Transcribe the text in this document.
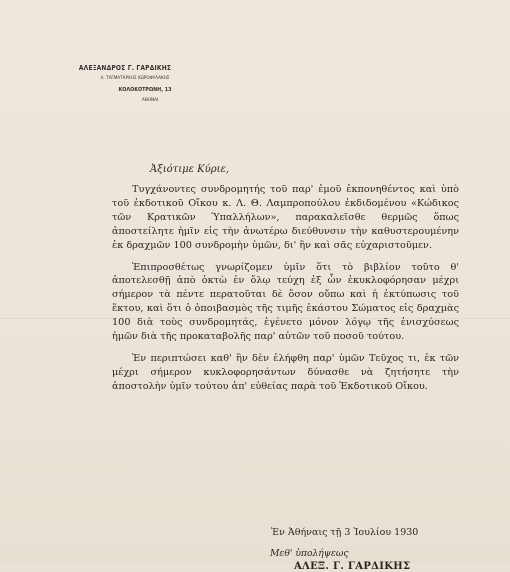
ΑΛΕΞΑΝΔΡΟΣ Γ. ΓΑΡΔΙΚΗΣ
Λ. ΤΑΓΜΑΤΑΡΧΗΣ ΧΩΡΟΦΥΛΑΚΗΣ
ΚΟΛΟΚΟΤΡΩΝΗ, 13
ΑΘΗΝΑΙ
Ἀξιότιμε Κύριε,

Τυγχάνοντες συνδρομητής τοῦ παρ' ἐμοῦ ἐκπονηθέντος καὶ ὑπὸ τοῦ ἐκδοτικοῦ Οἴκου κ. Λ. Θ. Λαμπροπούλου ἐκδιδομένου «Κώδικος τῶν Κρατικῶν Ὑπαλλήλων», παρακαλεῖσθε θερμῶς ὅπως ἀποστείλητε ἡμῖν εἰς τὴν ἀνωτέρω διεύθυνσιν τὴν καθυστερουμένην ἐκ δραχμῶν 100 συνδρομὴν ὑμῶν, δι' ἣν καὶ σᾶς εὐχαριστοῦμεν.

Ἐπιπροσθέτως γνωρίζομεν ὑμῖν ὅτι τὸ βιβλίον τοῦτο θ' ἀποτελεσθῇ ἀπὸ ὀκτὼ ἐν ὅλῳ τεύχη ἐξ ὧν ἐκυκλοφόρησαν μέχρι σήμερον τὰ πέντε περατοῦται δὲ ὅσον οὔπω καὶ ἡ ἐκτύπωσις τοῦ ἕκτου, καὶ ὅτι ὁ ὁποιβασμὸς τῆς τιμῆς ἑκάστου Σώματος εἰς δραχμὰς 100 διὰ τοὺς συνδρομητάς, ἐγένετο μόνον λόγῳ τῆς ἐνισχύσεως ἡμῶν διὰ τῆς προκαταβολῆς παρ' αὐτῶν τοῦ ποσοῦ τούτου.

Ἐν περιπτώσει καθ' ἣν δὲν ἐλήφθη παρ' ὑμῶν Τεῦχος τι, ἐκ τῶν μέχρι σήμερον κυκλοφορησάντων δύνασθε νὰ ζητήσητε τὴν ἀποστολὴν ὑμῖν τούτου ἀπ' εὐθείας παρὰ τοῦ Ἐκδοτικοῦ Οἴκου.

Ἐν Ἀθήναις τῇ 3 Ἰουλίου 1930
Μεθ' ὑπολήψεως
ΑΛΕΞ. Γ. ΓΑΡΔΙΚΗΣ
